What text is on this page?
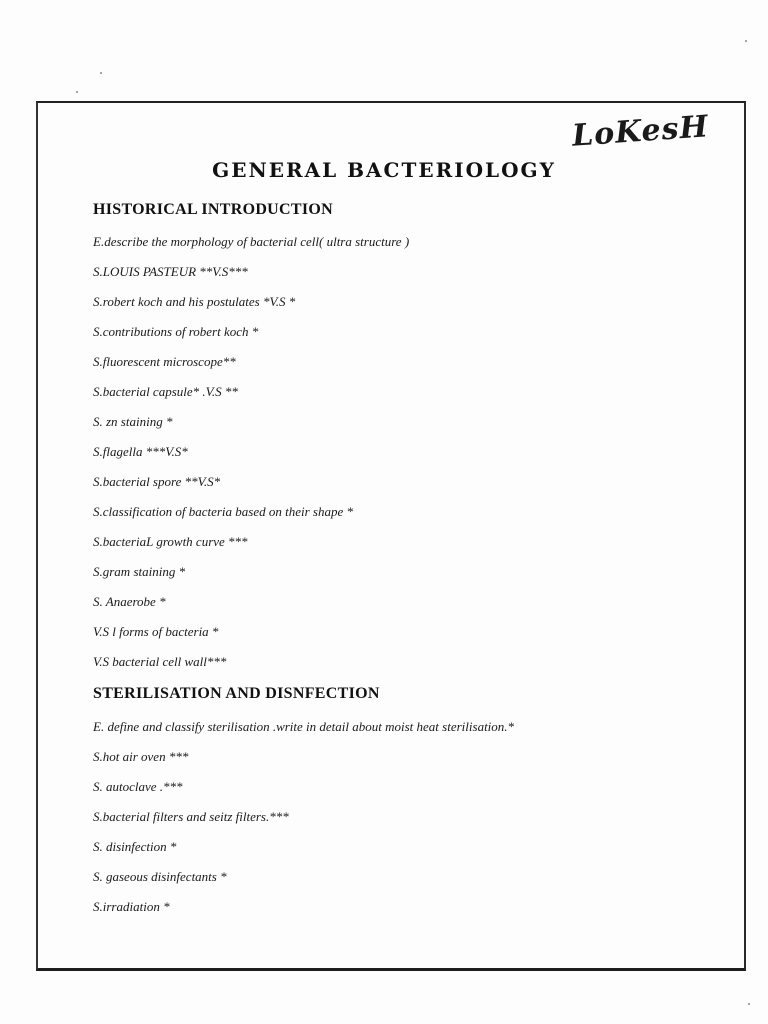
LoKesH
GENERAL BACTERIOLOGY
HISTORICAL INTRODUCTION
E.describe the morphology of bacterial cell( ultra structure )
S.LOUIS PASTEUR **V.S***
S.robert koch and his postulates *V.S *
S.contributions of robert koch *
S.fluorescent microscope**
S.bacterial capsule* .V.S **
S. zn staining *
S.flagella ***V.S*
S.bacterial spore **V.S*
S.classification of bacteria based on their shape *
S.bacteriaL growth curve ***
S.gram staining *
S. Anaerobe *
V.S l forms of bacteria *
V.S bacterial cell wall***
STERILISATION AND DISNFECTION
E. define and classify sterilisation .write in detail about moist heat sterilisation.*
S.hot air oven ***
S. autoclave .***
S.bacterial filters and seitz filters.***
S. disinfection *
S. gaseous disinfectants *
S.irradiation *
